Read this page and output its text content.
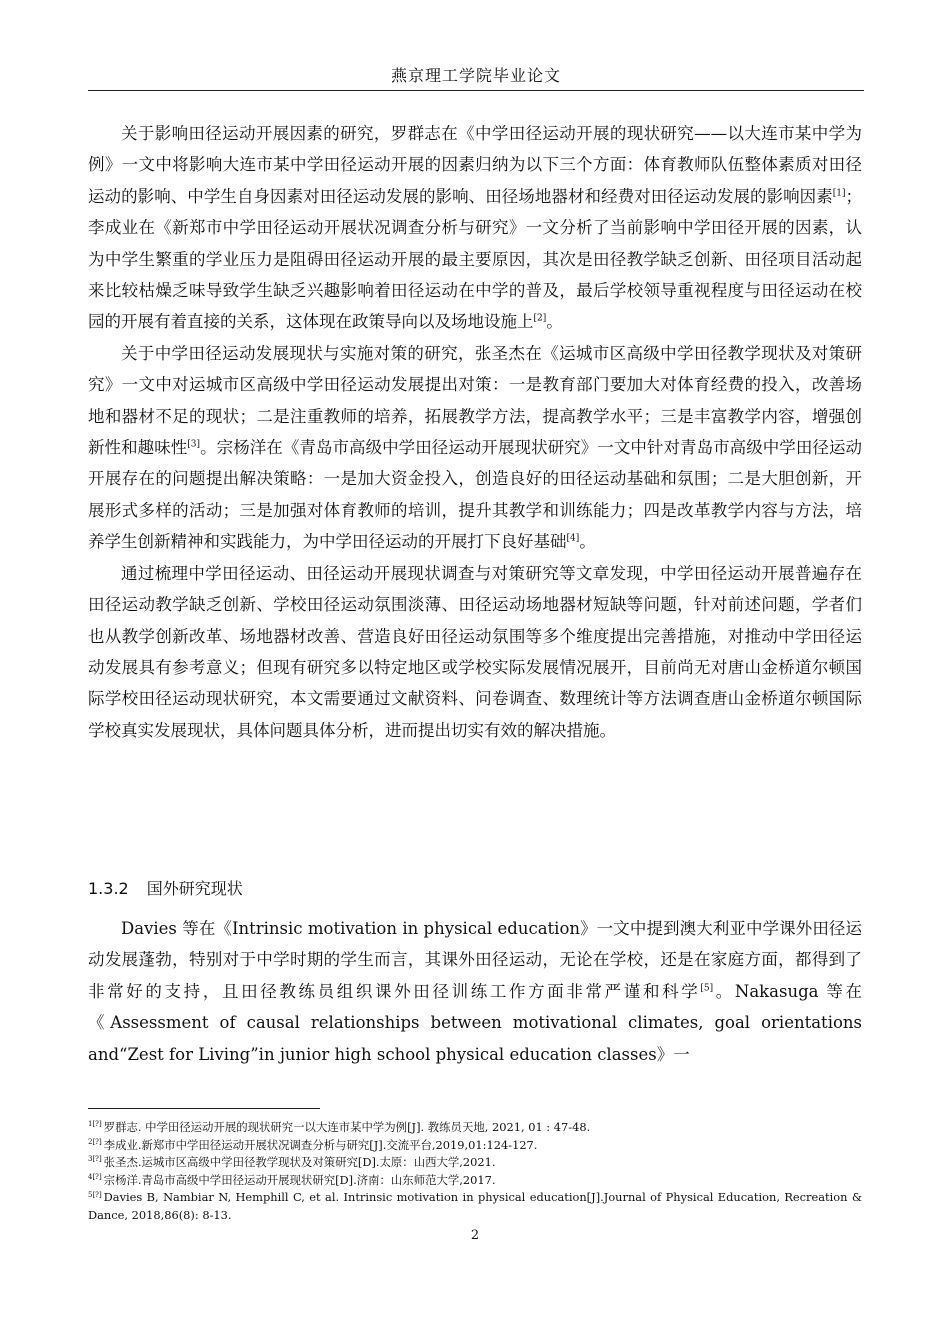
燕京理工学院毕业论文

关于影响田径运动开展因素的研究，罗群志在《中学田径运动开展的现状研究——以大连市某中学为例》一文中将影响大连市某中学田径运动开展的因素归纳为以下三个方面：体育教师队伍整体素质对田径运动的影响、中学生自身因素对田径运动发展的影响、田径场地器材和经费对田径运动发展的影响因素[1]；李成业在《新郑市中学田径运动开展状况调查分析与研究》一文分析了当前影响中学田径开展的因素，认为中学生繁重的学业压力是阻碍田径运动开展的最主要原因，其次是田径教学缺乏创新、田径项目活动起来比较枯燥乏味导致学生缺乏兴趣影响着田径运动在中学的普及，最后学校领导重视程度与田径运动在校园的开展有着直接的关系，这体现在政策导向以及场地设施上[2]。

关于中学田径运动发展现状与实施对策的研究，张圣杰在《运城市区高级中学田径教学现状及对策研究》一文中对运城市区高级中学田径运动发展提出对策：一是教育部门要加大对体育经费的投入，改善场地和器材不足的现状；二是注重教师的培养，拓展教学方法，提高教学水平；三是丰富教学内容，增强创新性和趣味性[3]。宗杨洋在《青岛市高级中学田径运动开展现状研究》一文中针对青岛市高级中学田径运动开展存在的问题提出解决策略：一是加大资金投入，创造良好的田径运动基础和氛围；二是大胆创新，开展形式多样的活动；三是加强对体育教师的培训，提升其教学和训练能力；四是改革教学内容与方法，培养学生创新精神和实践能力，为中学田径运动的开展打下良好基础[4]。

通过梳理中学田径运动、田径运动开展现状调查与对策研究等文章发现，中学田径运动开展普遍存在田径运动教学缺乏创新、学校田径运动氛围淡薄、田径运动场地器材短缺等问题，针对前述问题，学者们也从教学创新改革、场地器材改善、营造良好田径运动氛围等多个维度提出完善措施，对推动中学田径运动发展具有参考意义；但现有研究多以特定地区或学校实际发展情况展开，目前尚无对唐山金桥道尔顿国际学校田径运动现状研究，本文需要通过文献资料、问卷调查、数理统计等方法调查唐山金桥道尔顿国际学校真实发展现状，具体问题具体分析，进而提出切实有效的解决措施。

1.3.2 国外研究现状

Davies 等在《Intrinsic motivation in physical education》一文中提到澳大利亚中学课外田径运动发展蓬勃，特别对于中学时期的学生而言，其课外田径运动，无论在学校，还是在家庭方面，都得到了非常好的支持，且田径教练员组织课外田径训练工作方面非常严谨和科学[5]。Nakasuga 等在《Assessment of causal relationships between motivational climates, goal orientations and“Zest for Living”in junior high school physical education classes》一

$^{1[?]}$ 罗群志. 中学田径运动开展的现状研究一以大连市某中学为例[J]. 教练员天地, 2021, 01 : 47-48.

$^{2[?]}$ 李成业.新郑市中学田径运动开展状况调查分析与研究[J].交流平台,2019,01:124-127.

$^{3[?]}$ 张圣杰.运城市区高级中学田径教学现状及对策研究[D].太原：山西大学,2021.

$^{4[?]}$ 宗杨洋.青岛市高级中学田径运动开展现状研究[D].济南：山东师范大学,2017.

$^{5[?]}$ Davies B, Nambiar N, Hemphill C, et al. Intrinsic motivation in physical education[J].Journal of Physical Education, Recreation & Dance, 2018,86(8): 8-13.

2
